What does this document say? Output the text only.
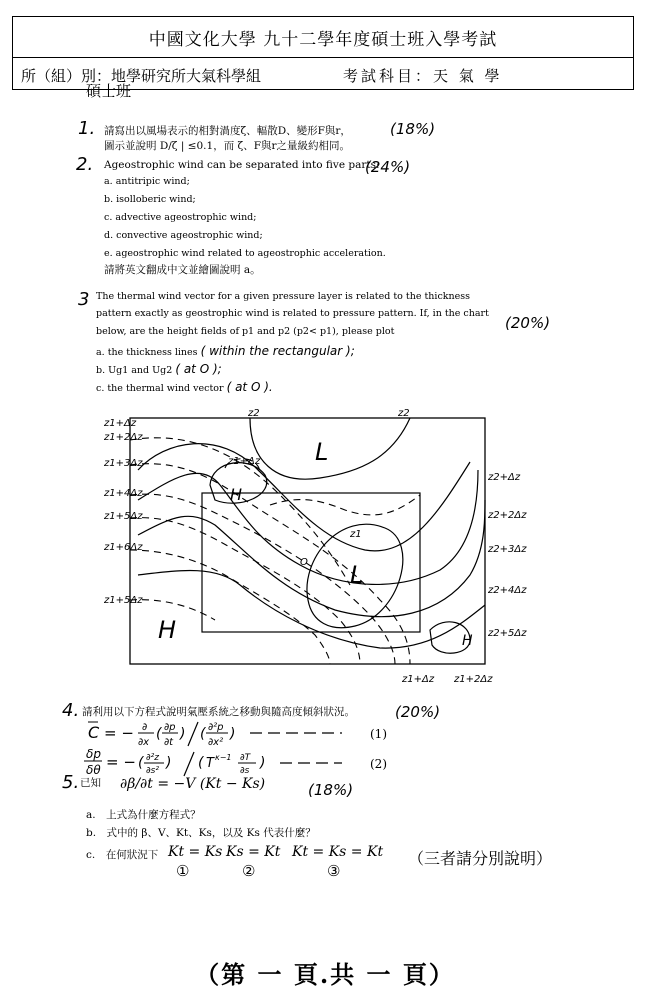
中國文化大學 九十二學年度碩士班入學考試
所（組）別：地學研究所大氣科學組	考試科目：天 氣 學
碩士班
1. 請寫出以風場表示的相對渦度ζ、輻散D、變形F與r，	(18%)
圖示並說明 D/ζ | ≤0.1，而 ζ、F與r之量級約相同。
2. Ageostrophic wind can be separated into five parts:
(24%)
a. antitripic wind;
b. isolloberic wind;
c. advective ageostrophic wind;
d. convective ageostrophic wind;
e. ageostrophic wind related to ageostrophic acceleration.
請將英文翻成中文並繪圖說明 a。
3 The thermal wind vector for a given pressure layer is related to the thickness
pattern exactly as geostrophic wind is related to pressure pattern. If, in the chart
(20%)
below, are the height fields of p1 and p2 (p2< p1), please plot
a. the thickness lines ( within the rectangular );
b. Ug1 and Ug2 ( at O );
c. the thermal wind vector ( at O ).
z1+Δz
z1+2Δz
z1+3Δz
z1+4Δz
z1+5Δz
z1+6Δz
z1+5Δz
z2+Δz
z2+2Δz
z2+3Δz
z2+4Δz
z2+5Δz
z2	z2
z1+Δz z1+2Δz
z1+Δz
z1
O
L
H
L
H	H
4. 請利用以下方程式說明氣壓系統之移動與隨高度傾斜狀況。	(20%)
C = − ∂
∂x
( ∂p
∂t
) ( ∂²p
∂x²
)
δp
δθ = − ( ∂²z
∂s² ) ( T κ−1 ∂T
∂s )
(1)
(2)
5. 已知 ∂β/∂t = −V (Kt − Ks)	(18%)
a.　上式為什麼方程式？
b.　式中的 β、V、Kt、Ks，以及 Ks 代表什麼？
c.　在何狀況下 Kt = Ks Ks = Kt Kt = Ks = Kt
①	②	③
（三者請分別說明）
（第 一 頁.共 一 頁）
